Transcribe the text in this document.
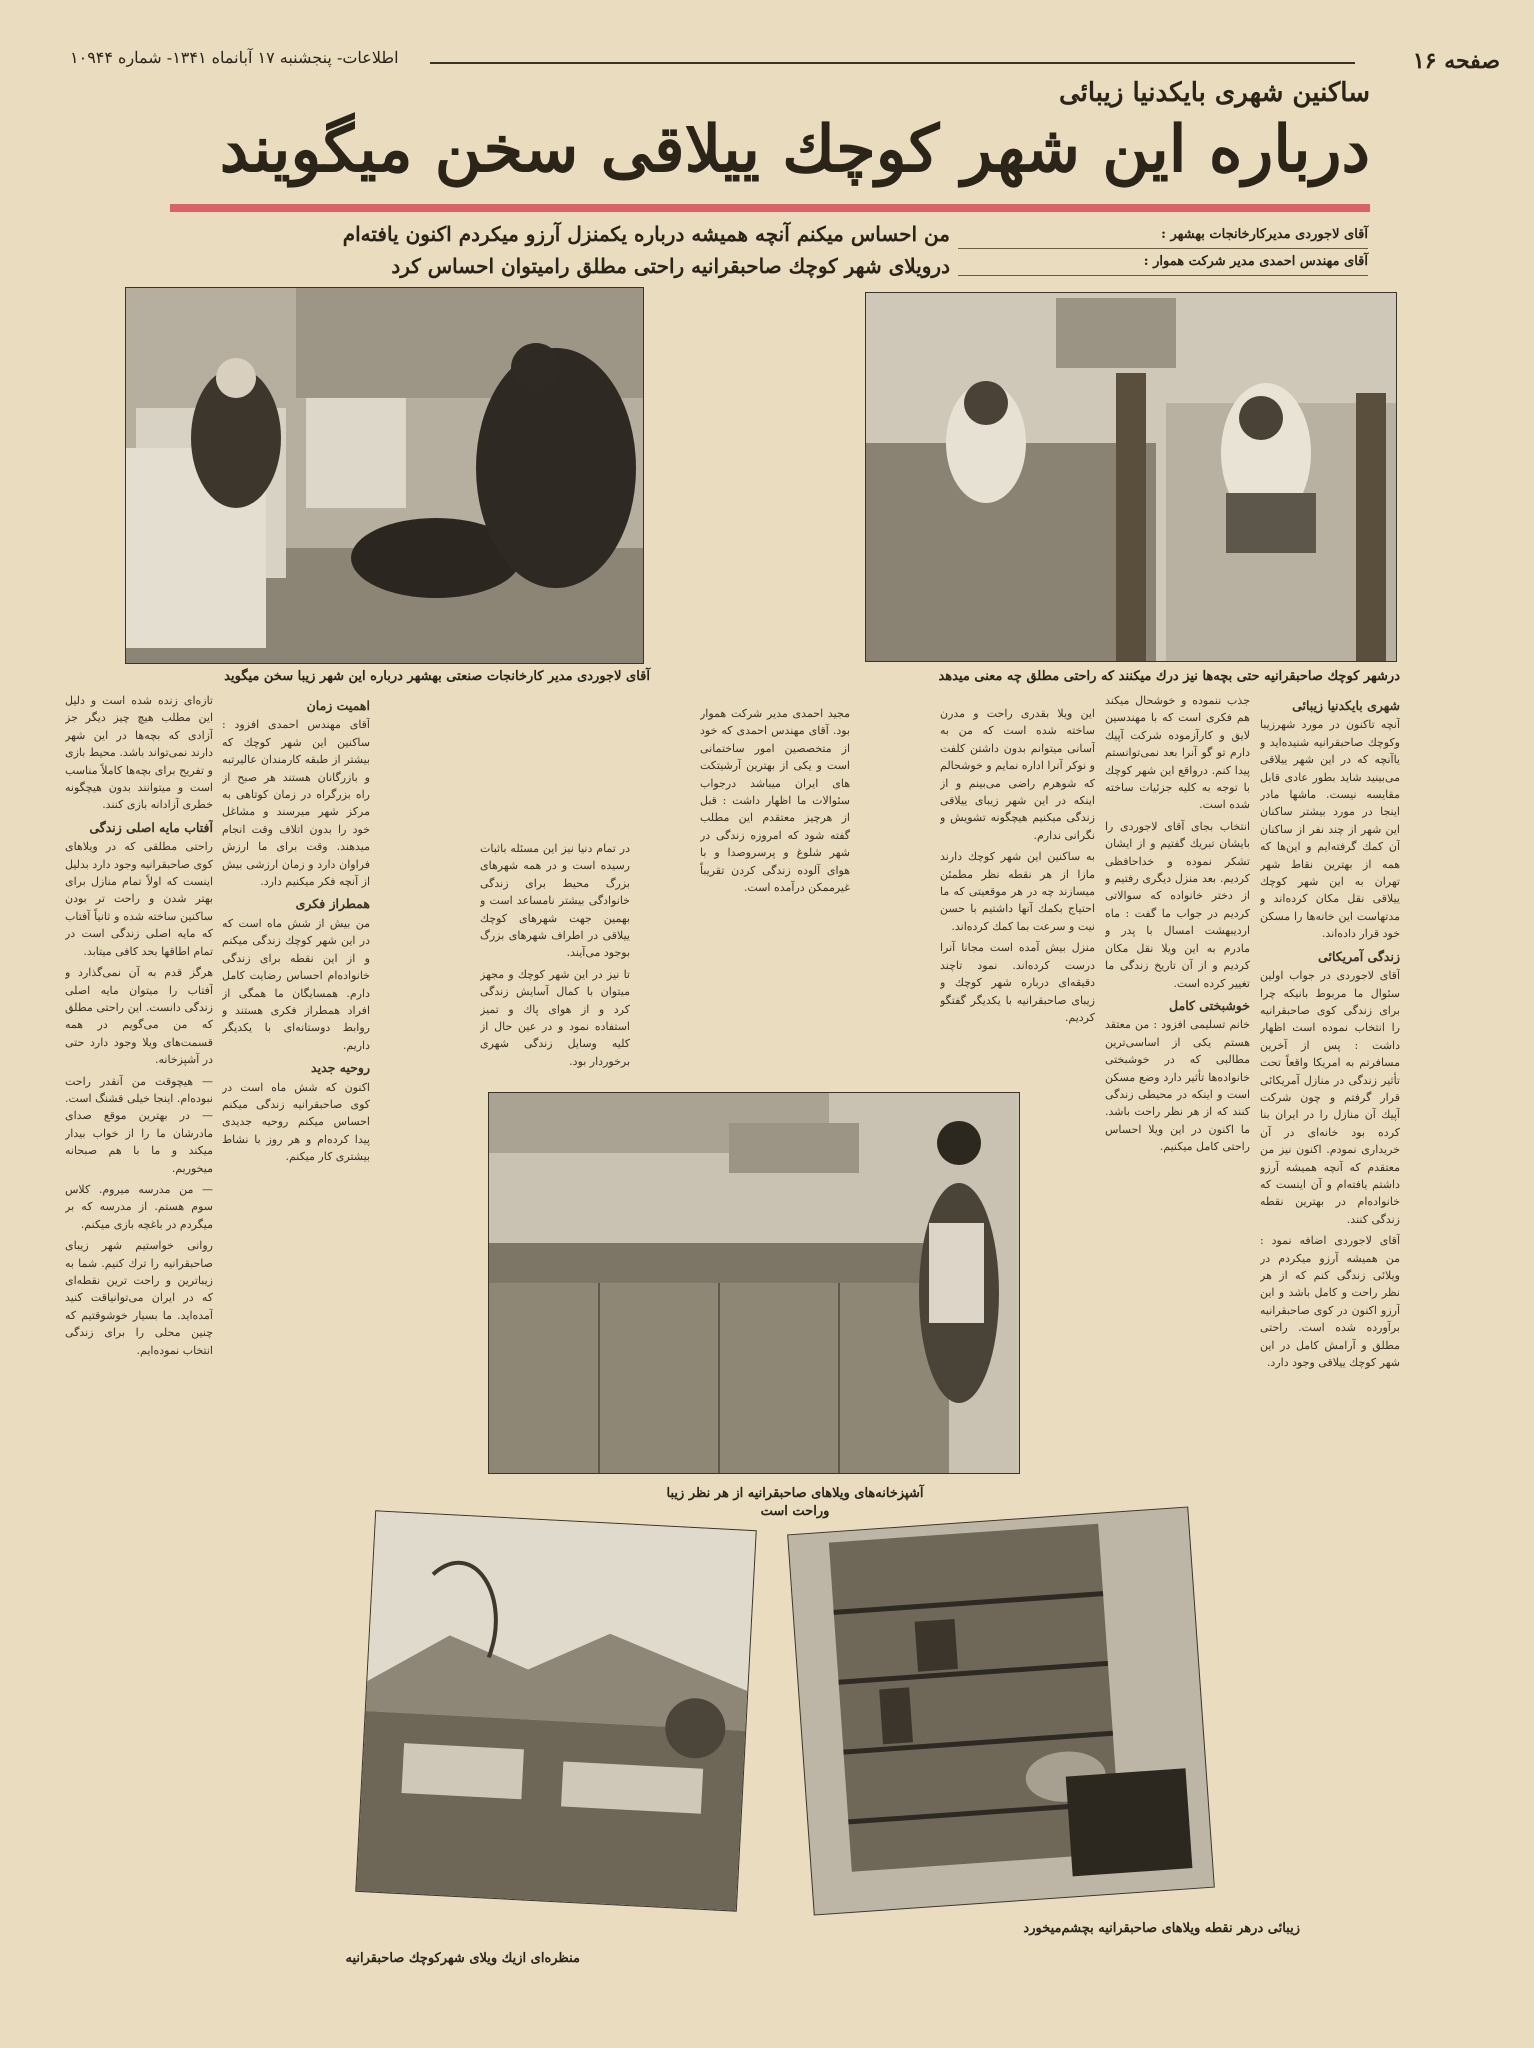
صفحه ۱۶
اطلاعات- پنجشنبه ۱۷ آبانماه ۱۳۴۱- شماره ۱۰۹۴۴
ساکنین شهری بایکدنیا زیبائی
درباره این شهر کوچك ییلاقی سخن میگویند
من احساس میکنم آنچه همیشه درباره یكمنزل آرزو میکردم اکنون یافته‌ام
درویلای شهر کوچك صاحبقرانیه راحتی مطلق رامیتوان احساس کرد
آقای لاجوردی مدیرکارخانجات بهشهر :
آقای مهندس احمدی مدیر شرکت هموار :
درشهر کوچك صاحبقرانیه حتی بچه‌ها نیز درك میکنند که راحتی مطلق چه معنی میدهد
آقای لاجوردی مدیر کارخانجات صنعتی بهشهر درباره این شهر زیبا سخن میگوید
شهری بایکدنیا زیبائی

آنچه تاکنون در مورد شهرزیبا وکوچك صاحبقرانیه شنیده‌اید و یاآنچه که در این شهر ییلاقی می‌بینید شاید بطور عادی قابل مقایسه نیست. ماشها مادر اینجا در مورد بیشتر ساکنان این شهر از چند نفر از ساکنان آن کمك گرفته‌ایم و این‌ها که همه از بهترین نقاط شهر تهران به این شهر کوچك ییلاقی نقل مکان کرده‌اند و مدتهاست این خانه‌ها را مسکن خود قرار داده‌اند.

زندگی آمریکائی

آقای لاجوردی در جواب اولین سئوال ما مربوط بانیکه چرا برای زندگی کوی صاحبقرانیه را انتخاب نموده است اظهار داشت : پس از آخرین مسافرتم به امریکا واقعاً تحت تأثیر زندگی در منازل آمریکائی قرار گرفتم و چون شرکت آپیك آن منازل را در ایران بنا کرده بود خانه‌ای در آن خریداری نمودم. اکنون نیز من معتقدم که آنچه همیشه آرزو داشتم یافته‌ام و آن اینست که خانواده‌ام در بهترین نقطه زندگی کنند.

آقای لاجوردی اضافه نمود : من همیشه آرزو میکردم در ویلائی زندگی کنم که از هر نظر راحت و کامل باشد و این آرزو اکنون در کوی صاحبقرانیه برآورده شده است. راحتی مطلق و آرامش کامل در این شهر کوچك ییلاقی وجود دارد.

جذب ننموده و خوشحال میکند هم فکری است که با مهندسین لایق و کارآزموده شرکت آپیك دارم تو گو آنرا بعد نمی‌توانستم پیدا کنم. درواقع این شهر کوچك با توجه به کلیه جزئیات ساخته شده است.

انتخاب بجای آقای لاجوردی را بایشان تبریك گفتیم و از ایشان تشکر نموده و خداحافظی کردیم. بعد منزل دیگری رفتیم و از دختر خانواده که سوالاتی کردیم در جواب ما گفت : ماه اردیبهشت امسال با پدر و مادرم به این ویلا نقل مکان کردیم و از آن تاریخ زندگی ما تغییر کرده است.

خوشبختی کامل

خانم تسلیمی افزود : من معتقد هستم یکی از اساسی‌ترین مطالبی که در خوشبختی خانواده‌ها تأثیر دارد وضع مسکن است و اینکه در محیطی زندگی کنند که از هر نظر راحت باشد. ما اکنون در این ویلا احساس راحتی کامل میکنیم.

این ویلا بقدری راحت و مدرن ساخته شده است که من به آسانی میتوانم بدون داشتن کلفت و نوکر آنرا اداره نمایم و خوشحالم که شوهرم راضی می‌بینم و از اینکه در این شهر زیبای ییلاقی زندگی میکنیم هیچگونه تشویش و نگرانی ندارم.

به ساکنین این شهر کوچك دارند مازا از هر نقطه نظر مطمئن میسازند چه در هر موقعیتی که ما احتیاج بکمك آنها داشتیم با حسن نیت و سرعت بما کمك کرده‌اند.

منزل بیش آمده است مجانا آنرا درست کرده‌اند. نمود تاچند دقیقه‌ای درباره شهر کوچك و زیبای صاحبقرانیه با یکدیگر گفتگو کردیم.

مجید احمدی مدیر شرکت هموار بود. آقای مهندس احمدی که خود از متخصصین امور ساختمانی است و یکی از بهترین آرشیتکت های ایران میباشد درجواب سئوالات ما اظهار داشت : قبل از هرچیز معتقدم این مطلب گفته شود که امروزه زندگی در شهر شلوغ و پرسروصدا و با هوای آلوده زندگی کردن تقریباً غیرممکن درآمده است.

در تمام دنیا نیز این مسئله باثبات رسیده است و در همه شهرهای بزرگ محیط برای زندگی خانوادگی بیشتر نامساعد است و بهمین جهت شهرهای کوچك ییلاقی در اطراف شهرهای بزرگ بوجود می‌آیند.

تا نیز در این شهر کوچك و مجهز میتوان با کمال آسایش زندگی کرد و از هوای پاك و تمیز استفاده نمود و در عین حال از کلیه وسایل زندگی شهری برخوردار بود.

اهمیت زمان

آقای مهندس احمدی افزود : ساکنین این شهر کوچك که بیشتر از طبقه کارمندان عالیرتبه و بازرگانان هستند هر صبح از راه بزرگراه در زمان کوتاهی به مرکز شهر میرسند و مشاغل خود را بدون اتلاف وقت انجام میدهند. وقت برای ما ارزش فراوان دارد و زمان ارزشی بیش از آنچه فکر میکنیم دارد.

همطراز فکری

من بیش از شش ماه است که در این شهر کوچك زندگی میکنم و از این نقطه برای زندگی خانواده‌ام احساس رضایت کامل دارم. همسایگان ما همگی از افراد همطراز فکری هستند و روابط دوستانه‌ای با یکدیگر داریم.

روحیه جدید

اکنون که شش ماه است در کوی صاحبقرانیه زندگی میکنم احساس میکنم روحیه جدیدی پیدا کرده‌ام و هر روز با نشاط بیشتری کار میکنم.

تازه‌ای زنده شده است و دلیل این مطلب هیچ چیز دیگر جز آزادی که بچه‌ها در این شهر دارند نمی‌تواند باشد. محیط بازی و تفریح برای بچه‌ها کاملاً مناسب است و میتوانند بدون هیچگونه خطری آزادانه بازی کنند.

آفتاب مایه اصلی زندگی

راحتی مطلقی که در ویلاهای کوی صاحبقرانیه وجود دارد بدلیل اینست که اولاً تمام منازل برای بهتر شدن و راحت تر بودن ساکنین ساخته شده و ثانیاً آفتاب که مایه اصلی زندگی است در تمام اطاقها بحد کافی میتابد.

هرگز قدم به آن نمی‌گذارد و آفتاب را میتوان مایه اصلی زندگی دانست. این راحتی مطلق که من می‌گویم در همه قسمت‌های ویلا وجود دارد حتی در آشپزخانه.

— هیچوقت من آنقدر راحت نبوده‌ام. اینجا خیلی قشنگ است. — در بهترین موقع صدای مادرشان ما را از خواب بیدار میکند و ما با هم صبحانه میخوریم.

— من مدرسه میروم. کلاس سوم هستم. از مدرسه که بر میگردم در باغچه بازی میکنم.

روانی خواستیم شهر زیبای صاحبقرانیه را ترك کنیم. شما به زیباترین و راحت ترین نقطه‌ای که در ایران می‌توانیاقت کنید آمده‌اید. ما بسیار خوشوقتیم که چنین محلی را برای زندگی انتخاب نموده‌ایم.

آشپزخانه‌های ویلاهای صاحبقرانیه از هر نظر زیبا
وراحت است
زیبائی درهر نقطه ویلاهای صاحبقرانیه بچشم‌میخورد
منظره‌ای ازیك ویلای شهرکوچك صاحبقرانیه
